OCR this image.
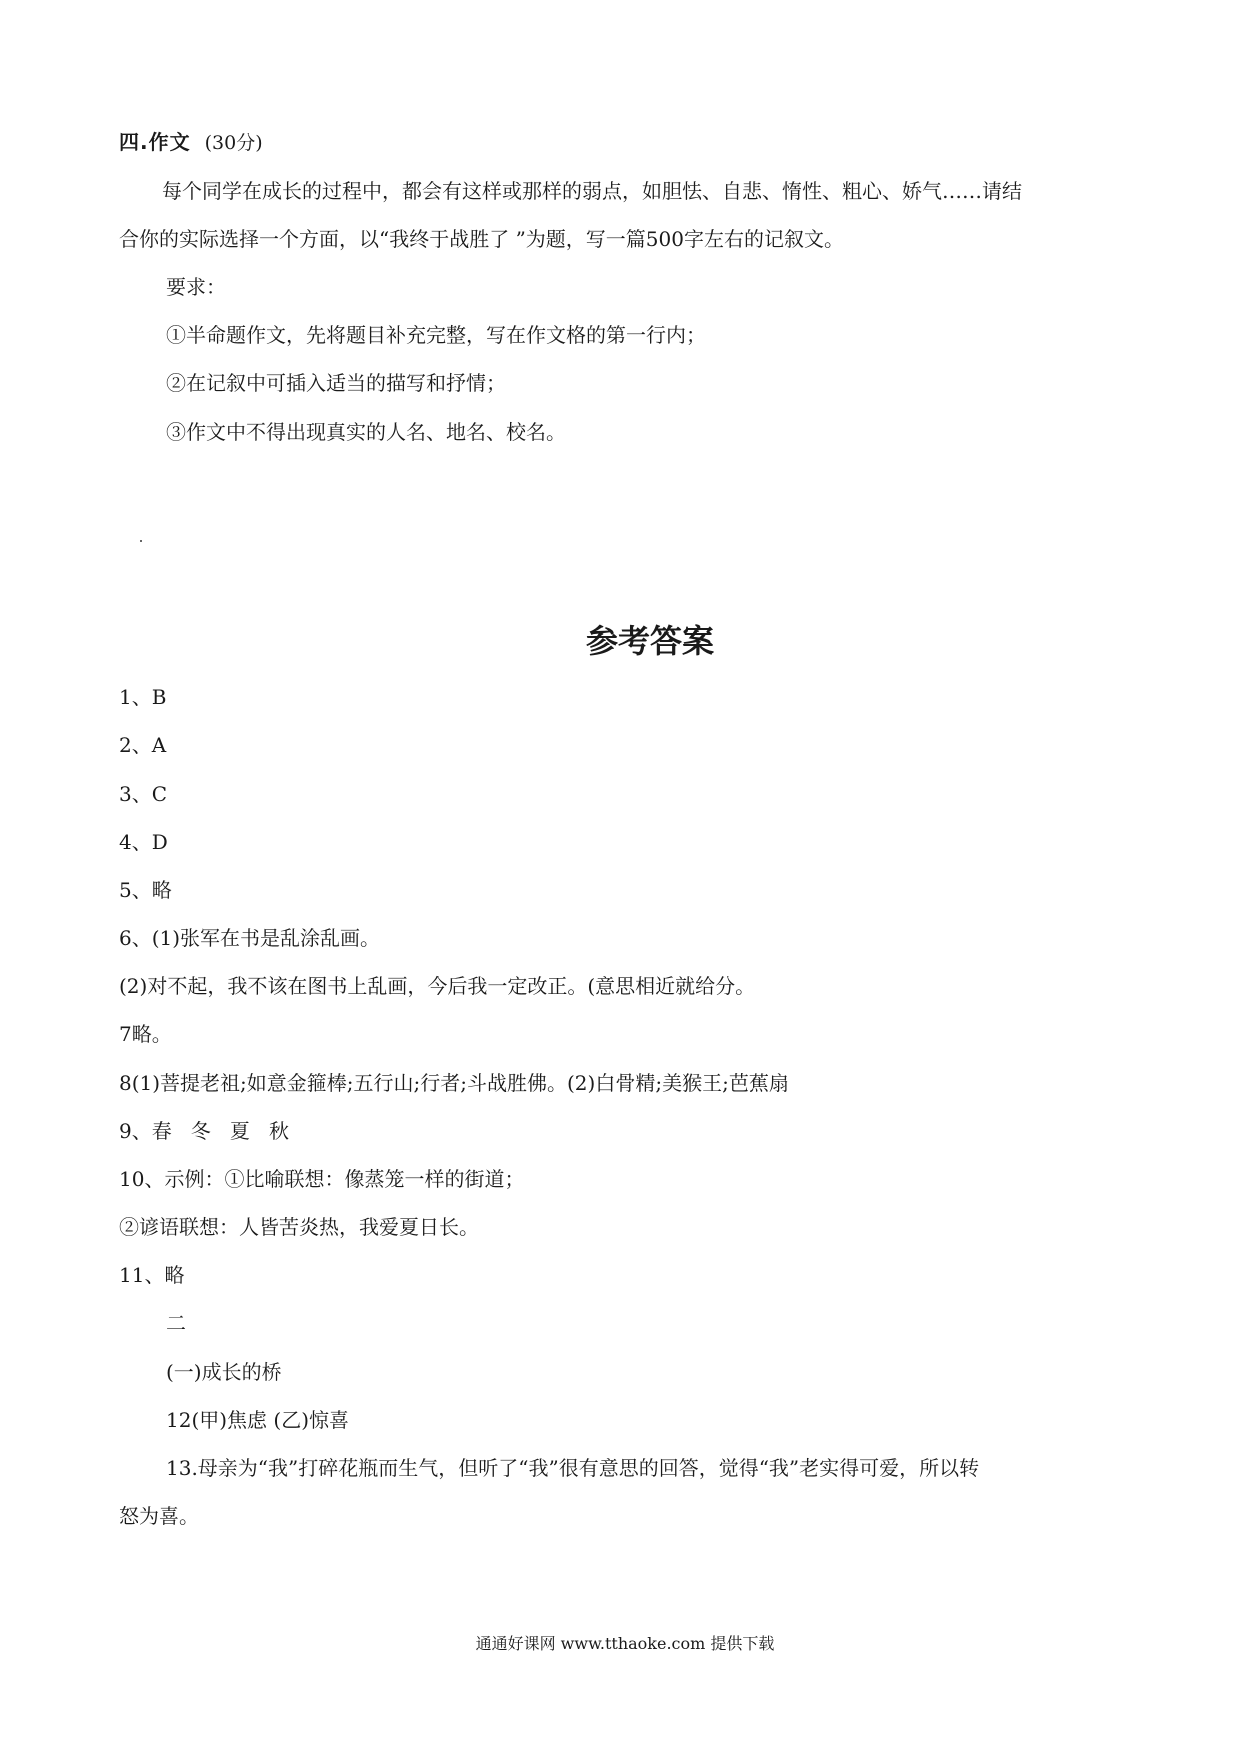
四.作文 (30分)
每个同学在成长的过程中，都会有这样或那样的弱点，如胆怯、自悲、惰性、粗心、娇气……请结
合你的实际选择一个方面，以“我终于战胜了 ”为题，写一篇500字左右的记叙文。
要求：
①半命题作文，先将题目补充完整，写在作文格的第一行内；
②在记叙中可插入适当的描写和抒情；
③作文中不得出现真实的人名、地名、校名。
参考答案
1、B
2、A
3、C
4、D
5、略
6、(1)张军在书是乱涂乱画。
(2)对不起，我不该在图书上乱画，今后我一定改正。(意思相近就给分。
7略。
8(1)菩提老祖;如意金箍棒;五行山;行者;斗战胜佛。(2)白骨精;美猴王;芭蕉扇
9、春   冬   夏   秋
10、示例：①比喻联想：像蒸笼一样的街道；
②谚语联想：人皆苦炎热，我爱夏日长。
11、略
二
(一)成长的桥
12(甲)焦虑 (乙)惊喜
13.母亲为“我”打碎花瓶而生气，但听了“我”很有意思的回答，觉得“我”老实得可爱，所以转
怒为喜。
通通好课网 www.tthaoke.com 提供下载
